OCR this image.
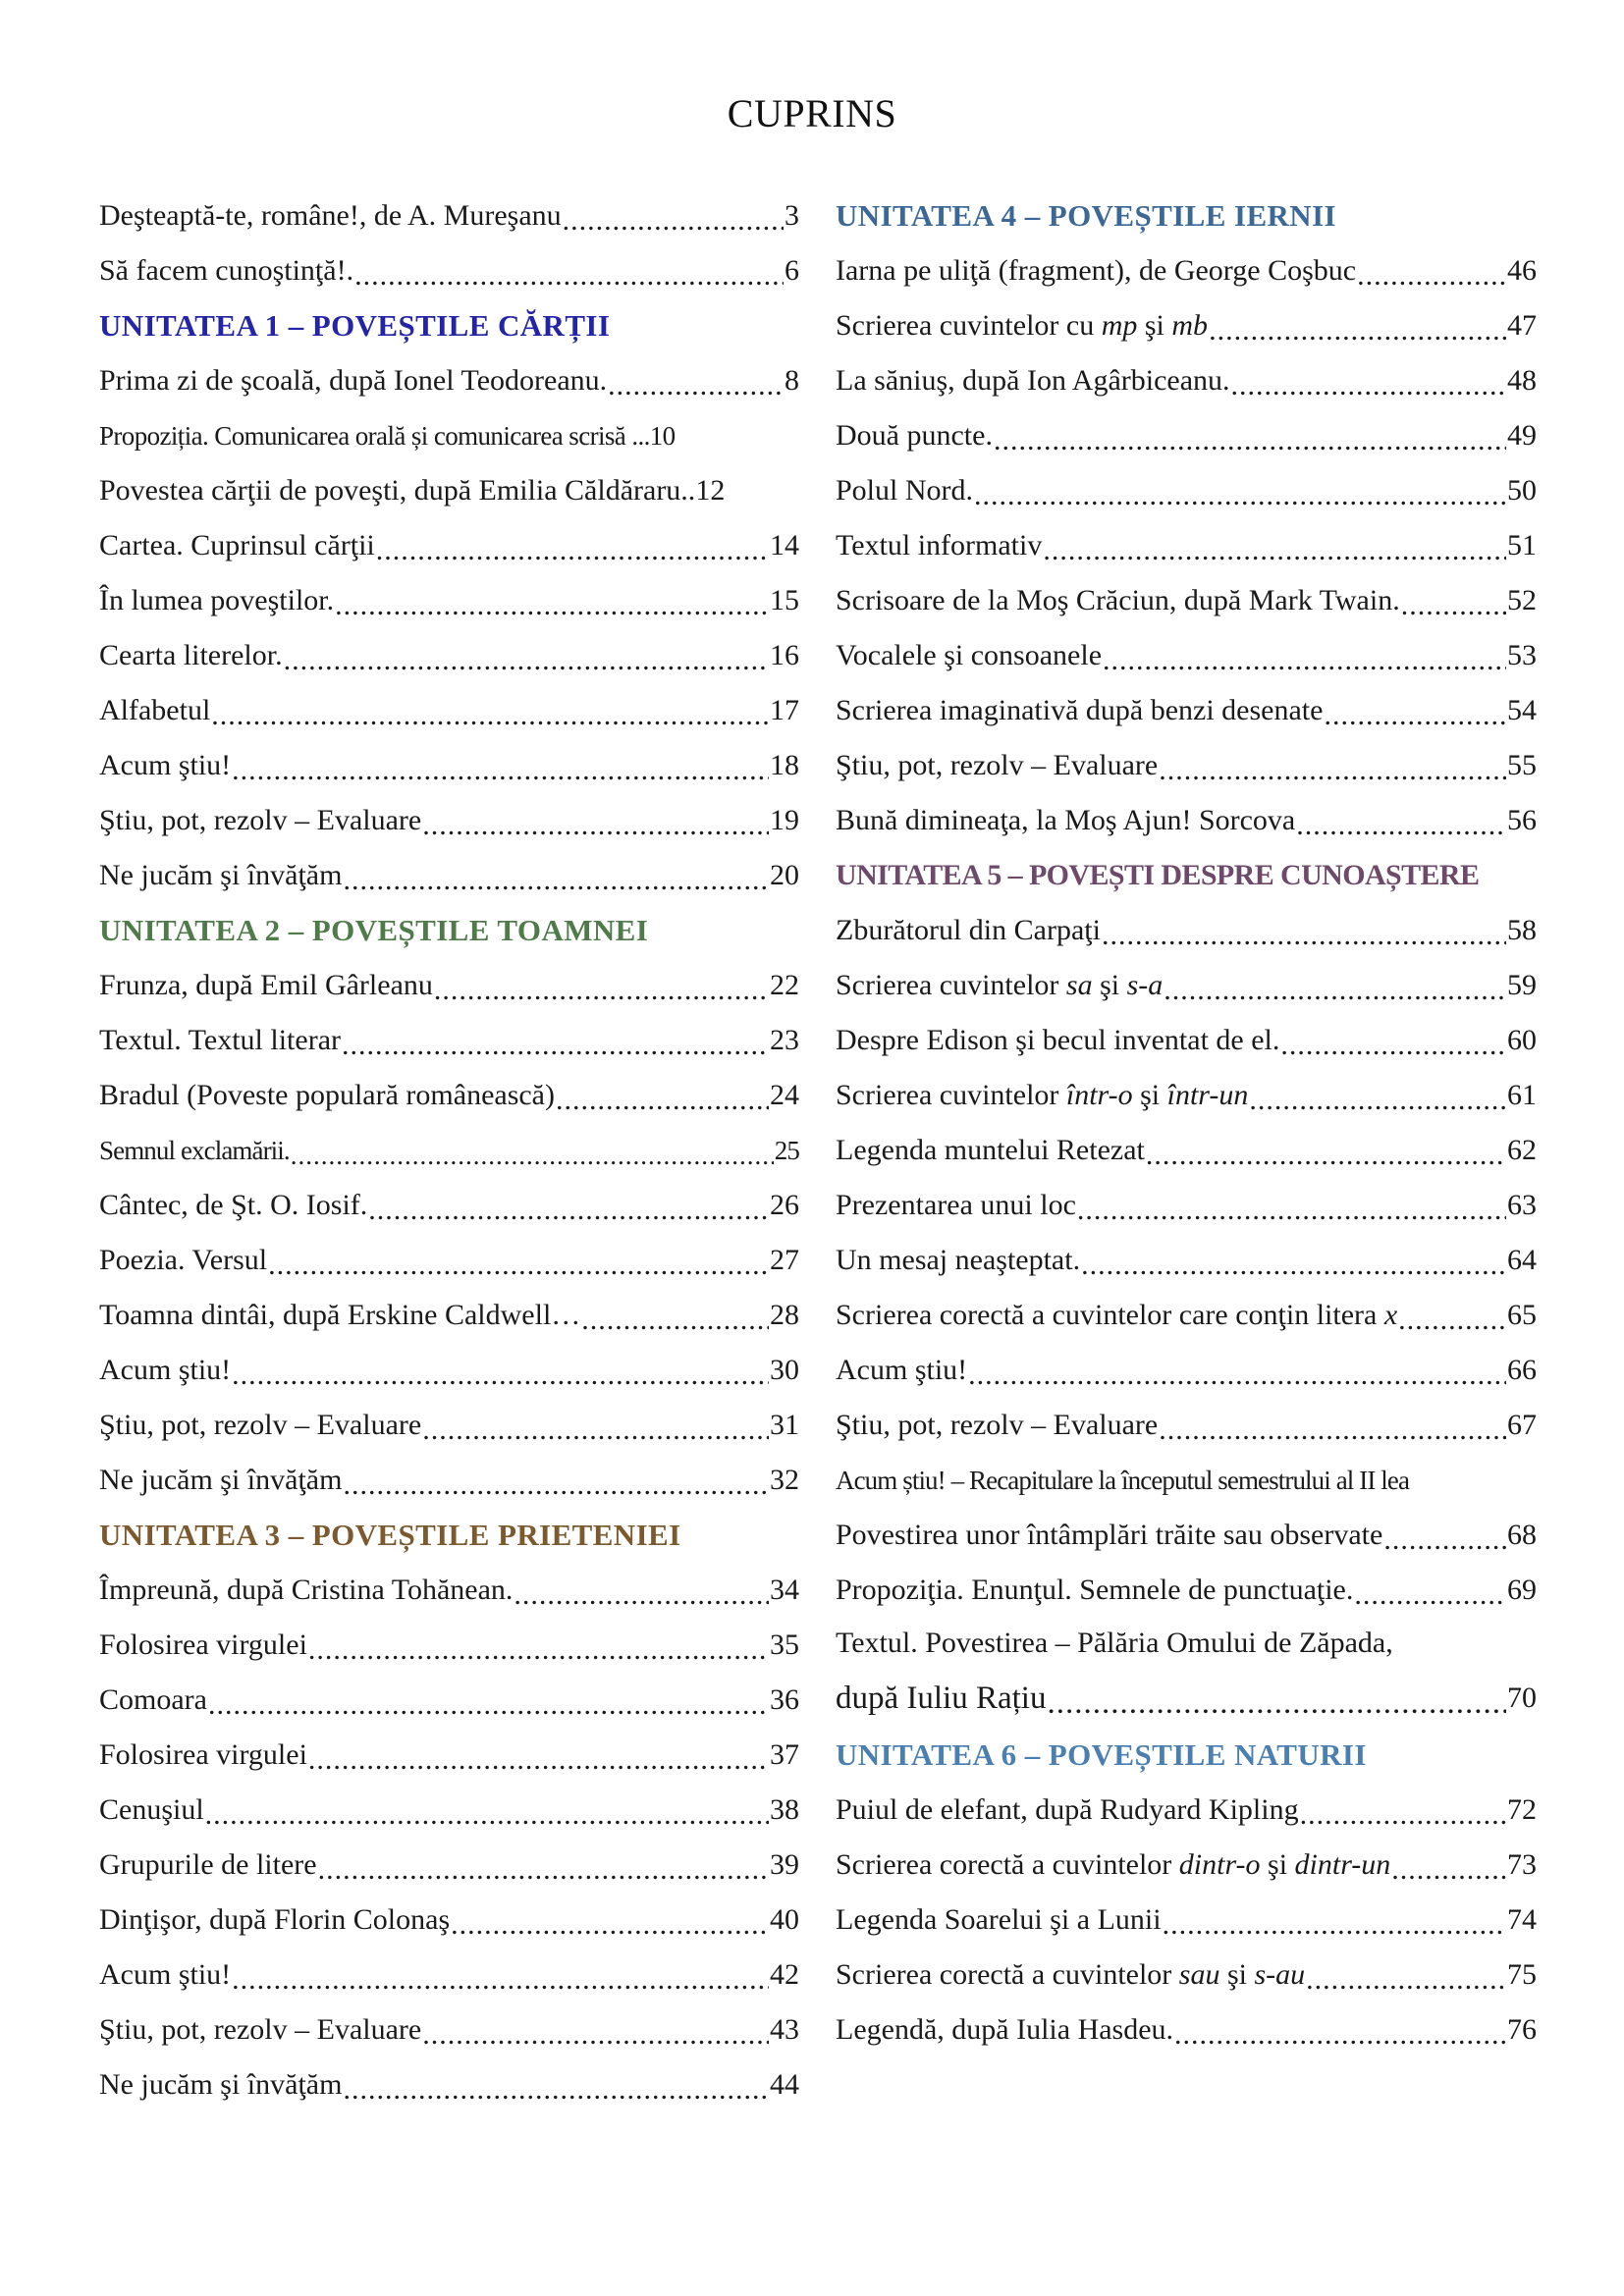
CUPRINS
Deşteaptă-te, române!, de A. Mureşanu .....	3
Să facem cunoştinţă!. .....	6
UNITATEA 1 – POVEȘTILE CĂRȚII
Prima zi de şcoală, după Ionel Teodoreanu. .....	8
Propoziția. Comunicarea orală și comunicarea scrisă ... 10
Povestea cărţii de poveşti, după Emilia Căldăraru.. 12
Cartea. Cuprinsul cărţii .....	14
În lumea poveştilor. .....	15
Cearta literelor. .....	16
Alfabetul .....	17
Acum ştiu! .....	18
Ştiu, pot, rezolv – Evaluare .....	19
Ne jucăm şi învăţăm .....	20
UNITATEA 2 – POVEȘTILE TOAMNEI
Frunza, după Emil Gârleanu .....	22
Textul. Textul literar .....	23
Bradul (Poveste populară românească) .....	24
Semnul exclamării. .....	25
Cântec, de Şt. O. Iosif. .....	26
Poezia. Versul .....	27
Toamna dintâi, după Erskine Caldwell… .....	28
Acum ştiu! .....	30
Ştiu, pot, rezolv – Evaluare .....	31
Ne jucăm şi învăţăm .....	32
UNITATEA 3 – POVEȘTILE PRIETENIEI
Împreună, după Cristina Tohănean. .....	34
Folosirea virgulei .....	35
Comoara .....	36
Folosirea virgulei .....	37
Cenuşiul .....	38
Grupurile de litere .....	39
Dinţişor, după Florin Colonaş .....	40
Acum ştiu! .....	42
Ştiu, pot, rezolv – Evaluare .....	43
Ne jucăm şi învăţăm .....	44
UNITATEA 4 – POVEȘTILE IERNII
Iarna pe uliţă (fragment), de George Coşbuc .....	46
Scrierea cuvintelor cu mp şi mb .....	47
La săniuş, după Ion Agârbiceanu. .....	48
Două puncte. .....	49
Polul Nord. .....	50
Textul informativ .....	51
Scrisoare de la Moş Crăciun, după Mark Twain. .....	52
Vocalele şi consoanele .....	53
Scrierea imaginativă după benzi desenate .....	54
Ştiu, pot, rezolv – Evaluare .....	55
Bună dimineaţa, la Moş Ajun! Sorcova .....	56
UNITATEA 5 – POVEȘTI DESPRE CUNOAȘTERE
Zburătorul din Carpaţi .....	58
Scrierea cuvintelor sa şi s-a .....	59
Despre Edison şi becul inventat de el. .....	60
Scrierea cuvintelor într-o şi într-un .....	61
Legenda muntelui Retezat .....	62
Prezentarea unui loc .....	63
Un mesaj neaşteptat. .....	64
Scrierea corectă a cuvintelor care conţin litera x .....	65
Acum ştiu! .....	66
Ştiu, pot, rezolv – Evaluare .....	67
Acum știu! – Recapitulare la începutul semestrului al II lea
Povestirea unor întâmplări trăite sau observate .....	68
Propoziţia. Enunţul. Semnele de punctuaţie. .....	69
Textul. Povestirea – Pălăria Omului de Zăpada,
după Iuliu Rațiu .....	70
UNITATEA 6 – POVEȘTILE NATURII
Puiul de elefant, după Rudyard Kipling .....	72
Scrierea corectă a cuvintelor dintr-o şi dintr-un .....	73
Legenda Soarelui şi a Lunii .....	74
Scrierea corectă a cuvintelor sau şi s-au .....	75
Legendă, după Iulia Hasdeu. .....	76
